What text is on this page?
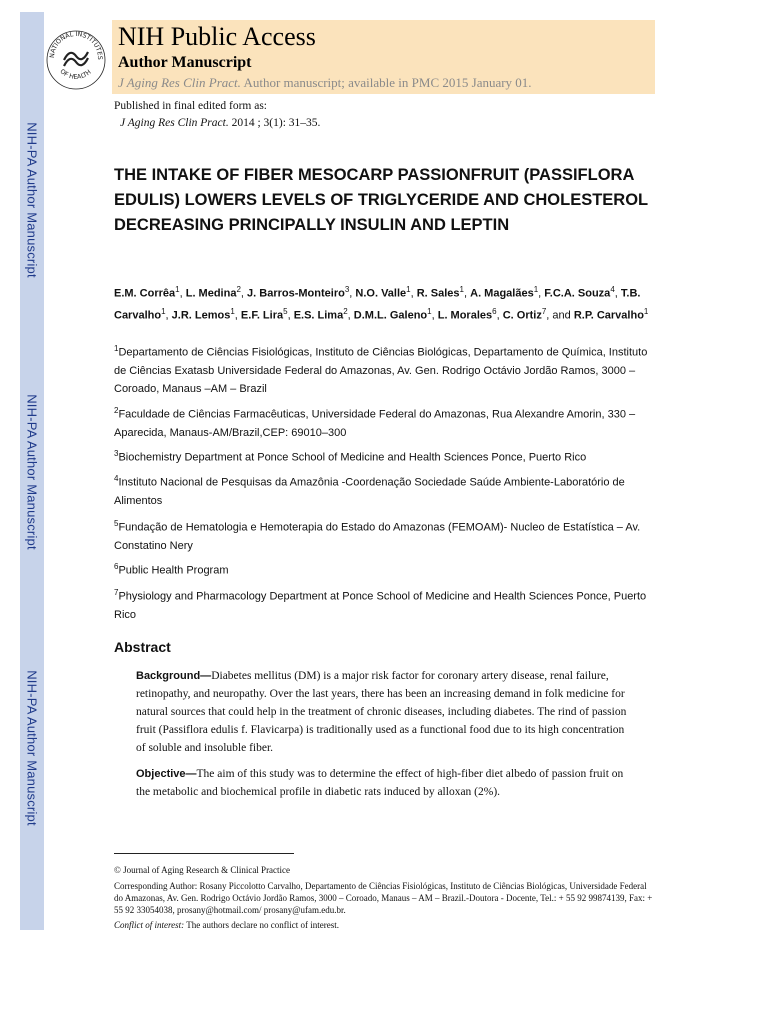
NIH-PA Author Manuscript
NIH-PA Author Manuscript
NIH-PA Author Manuscript
NATIONAL INSTITUTES
OF HEALTH
NIH Public Access
Author Manuscript
J Aging Res Clin Pract. Author manuscript; available in PMC 2015 January 01.
Published in final edited form as:
J Aging Res Clin Pract. 2014 ; 3(1): 31–35.
THE INTAKE OF FIBER MESOCARP PASSIONFRUIT (PASSIFLORA EDULIS) LOWERS LEVELS OF TRIGLYCERIDE AND CHOLESTEROL DECREASING PRINCIPALLY INSULIN AND LEPTIN
E.M. Corrêa$^1$, L. Medina$^2$, J. Barros-Monteiro$^3$, N.O. Valle$^1$, R. Sales$^1$, A. Magalães$^1$, F.C.A. Souza$^4$, T.B. Carvalho$^1$, J.R. Lemos$^1$, E.F. Lira$^5$, E.S. Lima$^2$, D.M.L. Galeno$^1$, L. Morales$^6$, C. Ortiz$^7$, and R.P. Carvalho$^1$
$^1$Departamento de Ciências Fisiológicas, Instituto de Ciências Biológicas, Departamento de Química, Instituto de Ciências Exatasb Universidade Federal do Amazonas, Av. Gen. Rodrigo Octávio Jordão Ramos, 3000 – Coroado, Manaus –AM – Brazil
$^2$Faculdade de Ciências Farmacêuticas, Universidade Federal do Amazonas, Rua Alexandre Amorin, 330 – Aparecida, Manaus-AM/Brazil,CEP: 69010–300
$^3$Biochemistry Department at Ponce School of Medicine and Health Sciences Ponce, Puerto Rico
$^4$Instituto Nacional de Pesquisas da Amazônia -Coordenação Sociedade Saúde Ambiente-Laboratório de Alimentos
$^5$Fundação de Hematologia e Hemoterapia do Estado do Amazonas (FEMOAM)- Nucleo de Estatística – Av. Constatino Nery
$^6$Public Health Program
$^7$Physiology and Pharmacology Department at Ponce School of Medicine and Health Sciences Ponce, Puerto Rico
Abstract
Background—Diabetes mellitus (DM) is a major risk factor for coronary artery disease, renal failure, retinopathy, and neuropathy. Over the last years, there has been an increasing demand in folk medicine for natural sources that could help in the treatment of chronic diseases, including diabetes. The rind of passion fruit (Passiflora edulis f. Flavicarpa) is traditionally used as a functional food due to its high concentration of soluble and insoluble fiber.
Objective—The aim of this study was to determine the effect of high-fiber diet albedo of passion fruit on the metabolic and biochemical profile in diabetic rats induced by alloxan (2%).
© Journal of Aging Research & Clinical Practice
Corresponding Author: Rosany Piccolotto Carvalho, Departamento de Ciências Fisiológicas, Instituto de Ciências Biológicas, Universidade Federal do Amazonas, Av. Gen. Rodrigo Octávio Jordão Ramos, 3000 – Coroado, Manaus – AM – Brazil.-Doutora - Docente, Tel.: + 55 92 99874139, Fax: + 55 92 33054038, prosany@hotmail.com/ prosany@ufam.edu.br.
Conflict of interest: The authors declare no conflict of interest.
